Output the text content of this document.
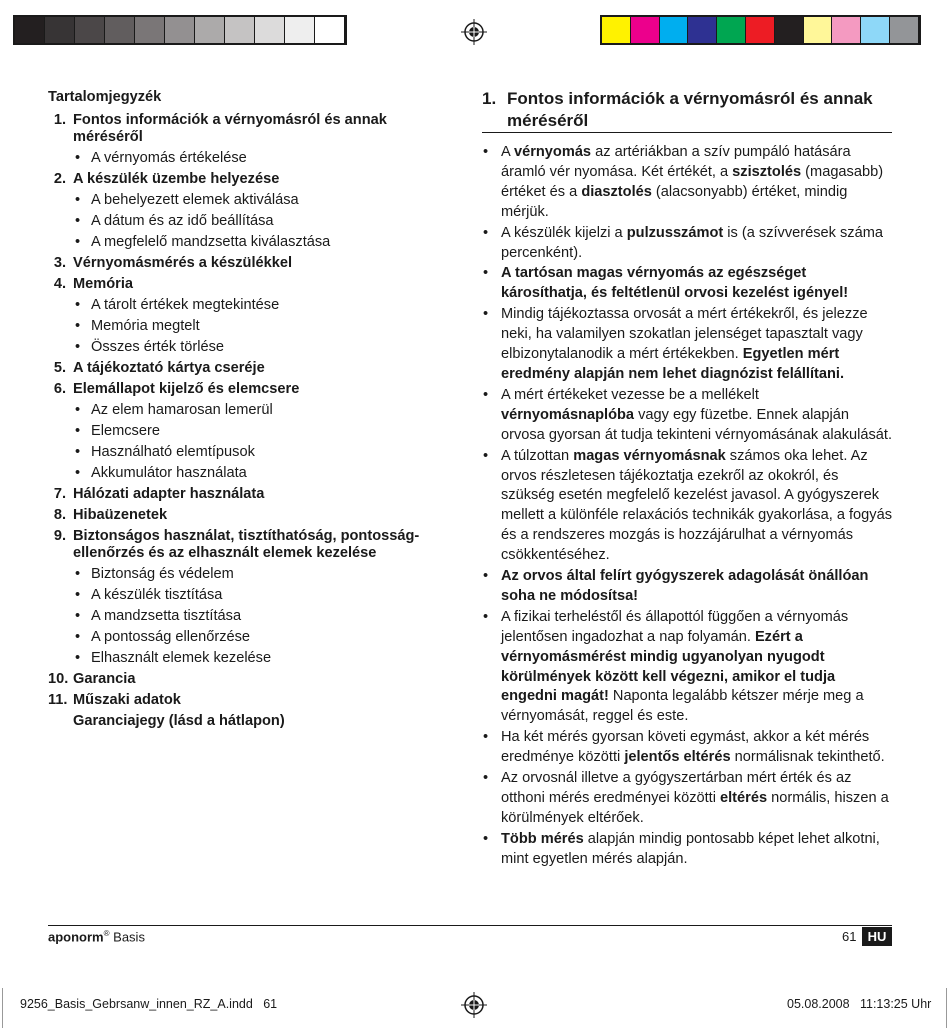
Tartalomjegyzék
1. Fontos információk a vérnyomásról és annak méréséről
• A vérnyomás értékelése
2. A készülék üzembe helyezése
• A behelyezett elemek aktiválása
• A dátum és az idő beállítása
• A megfelelő mandzsetta kiválasztása
3. Vérnyomásmérés a készülékkel
4. Memória
• A tárolt értékek megtekintése
• Memória megtelt
• Összes érték törlése
5. A tájékoztató kártya cseréje
6. Elemállapot kijelző és elemcsere
• Az elem hamarosan lemerül
• Elemcsere
• Használható elemtípusok
• Akkumulátor használata
7. Hálózati adapter használata
8. Hibaüzenetek
9. Biztonságos használat, tisztíthatóság, pontosság-ellenőrzés és az elhasznált elemek kezelése
• Biztonság és védelem
• A készülék tisztítása
• A mandzsetta tisztítása
• A pontosság ellenőrzése
• Elhasznált elemek kezelése
10. Garancia
11. Műszaki adatok
Garanciajegy (lásd a hátlapon)
1. Fontos információk a vérnyomásról és annak méréséről
• A vérnyomás az artériákban a szív pumpáló hatására áramló vér nyomása. Két értékét, a szisztolés (magasabb) értéket és a diasztolés (alacsonyabb) értéket, mindig mérjük.
• A készülék kijelzi a pulzusszámot is (a szívverések száma percenként).
• A tartósan magas vérnyomás az egészséget károsíthatja, és feltétlenül orvosi kezelést igényel!
• Mindig tájékoztassa orvosát a mért értékekről, és jelezze neki, ha valamilyen szokatlan jelenséget tapasztalt vagy elbizonytalanodik a mért értékekben. Egyetlen mért eredmény alapján nem lehet diagnózist felállítani.
• A mért értékeket vezesse be a mellékelt vérnyomásnaplóba vagy egy füzetbe. Ennek alapján orvosa gyorsan át tudja tekinteni vérnyomásának alakulását.
• A túlzottan magas vérnyomásnak számos oka lehet. Az orvos részletesen tájékoztatja ezekről az okokról, és szükség esetén megfelelő kezelést javasol. A gyógyszerek mellett a különféle relaxációs technikák gyakorlása, a fogyás és a rendszeres mozgás is hozzájárulhat a vérnyomás csökkentéséhez.
• Az orvos által felírt gyógyszerek adagolását önállóan soha ne módosítsa!
• A fizikai terheléstől és állapottól függően a vérnyomás jelentősen ingadozhat a nap folyamán. Ezért a vérnyomásmérést mindig ugyanolyan nyugodt körülmények között kell végezni, amikor el tudja engedni magát! Naponta legalább kétszer mérje meg a vérnyomását, reggel és este.
• Ha két mérés gyorsan követi egymást, akkor a két mérés eredménye közötti jelentős eltérés normálisnak tekinthető.
• Az orvosnál illetve a gyógyszertárban mért érték és az otthoni mérés eredményei közötti eltérés normális, hiszen a körülmények eltérőek.
• Több mérés alapján mindig pontosabb képet lehet alkotni, mint egyetlen mérés alapján.
aponorm® Basis	61 HU
9256_Basis_Gebrsanw_innen_RZ_A.indd   61	05.08.2008   11:13:25 Uhr
